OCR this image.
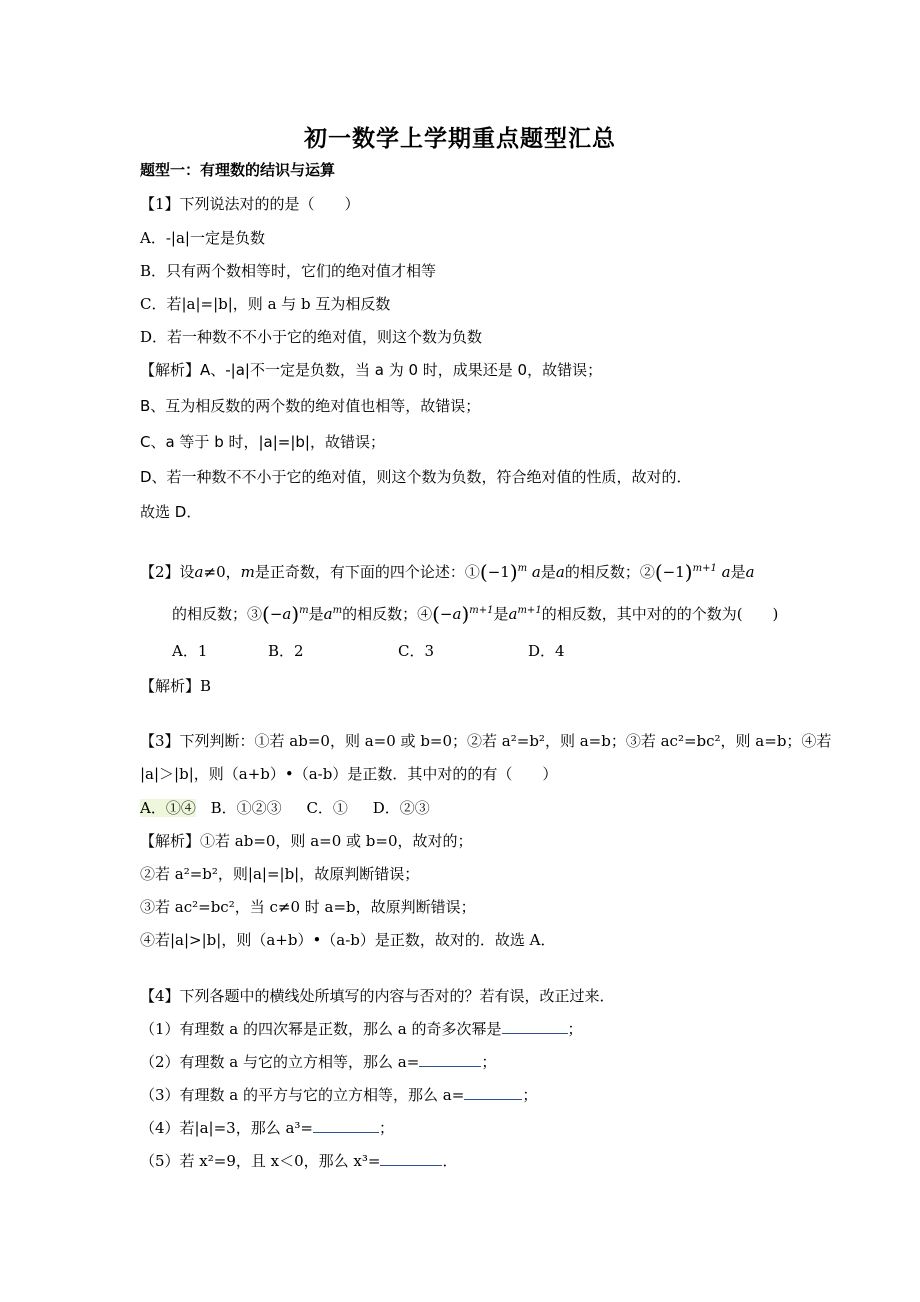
初一数学上学期重点题型汇总
题型一：有理数的结识与运算
【1】下列说法对的的是（　　）
A．-|a|一定是负数
B．只有两个数相等时，它们的绝对值才相等
C．若|a|=|b|，则 a 与 b 互为相反数
D．若一种数不不小于它的绝对值，则这个数为负数
【解析】A、-|a|不一定是负数，当 a 为 0 时，成果还是 0，故错误；
B、互为相反数的两个数的绝对值也相等，故错误；
C、a 等于 b 时，|a|=|b|，故错误；
D、若一种数不不小于它的绝对值，则这个数为负数，符合绝对值的性质，故对的．
故选 D．
【2】设a≠0，m是正奇数，有下面的四个论述：$①(-1)^m$ a是a的相反数；$②(-1)^{m+1}$ a是a
的相反数；$③(-a)^m$是$a^m$的相反数；$④(-a)^{m+1}$是$a^{m+1}$的相反数，其中对的的个数为(　　)
A．1	B．2	C．3	D．4
【解析】B
【3】下列判断：①若 ab=0，则 a=0 或 b=0；②若 a²=b²，则 a=b；③若 ac²=bc²，则 a=b；④若
|a|＞|b|，则（a+b）•（a-b）是正数．其中对的的有（　　）
A．①④ B．①②③ C．① D．②③
【解析】①若 ab=0，则 a=0 或 b=0，故对的；
②若 a²=b²，则|a|=|b|，故原判断错误；
③若 ac²=bc²，当 c≠0 时 a=b，故原判断错误；
④若|a|>|b|，则（a+b）•（a-b）是正数，故对的．故选 A．
【4】下列各题中的横线处所填写的内容与否对的？若有误，改正过来．
（1）有理数 a 的四次幂是正数，那么 a 的奇多次幂是	；
（2）有理数 a 与它的立方相等，那么 a=	；
（3）有理数 a 的平方与它的立方相等，那么 a=	；
（4）若|a|=3，那么 a³=	；
（5）若 x²=9，且 x＜0，那么 x³=	．
